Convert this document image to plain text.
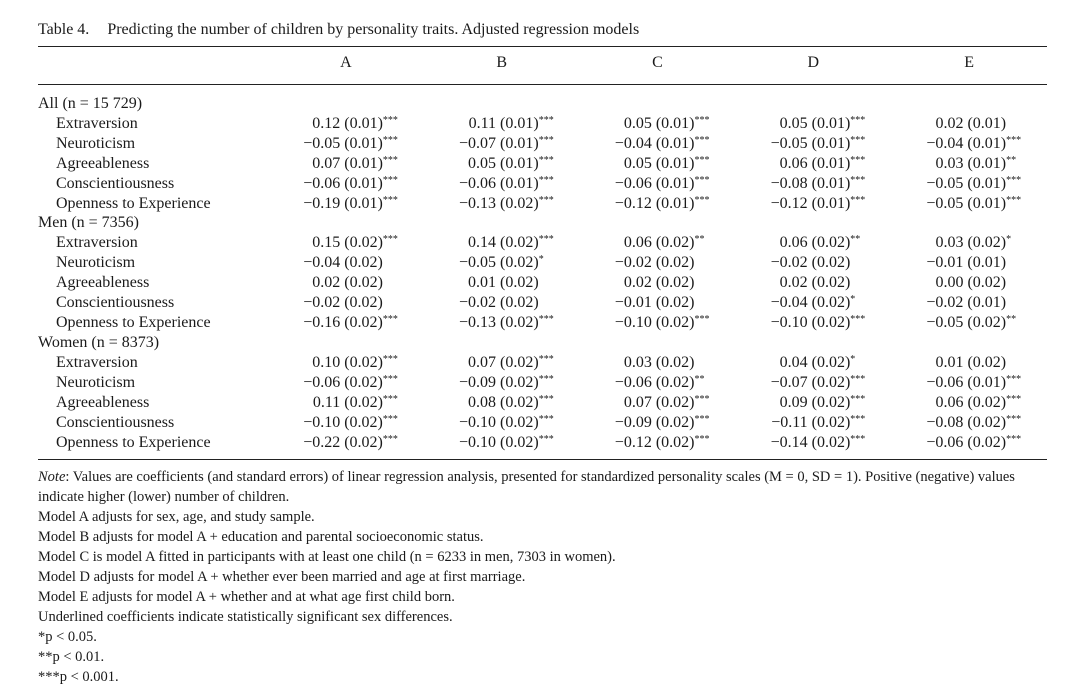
Table 4. Predicting the number of children by personality traits. Adjusted regression models
	A	B	C	D	E

All (n = 15 729)					
Extraversion	0.12 (0.01)***	0.11 (0.01)***	0.05 (0.01)***	0.05 (0.01)***	0.02 (0.01)
Neuroticism	−0.05 (0.01)***	−0.07 (0.01)***	−0.04 (0.01)***	−0.05 (0.01)***	−0.04 (0.01)***
Agreeableness	0.07 (0.01)***	0.05 (0.01)***	0.05 (0.01)***	0.06 (0.01)***	0.03 (0.01)**
Conscientiousness	−0.06 (0.01)***	−0.06 (0.01)***	−0.06 (0.01)***	−0.08 (0.01)***	−0.05 (0.01)***
Openness to Experience	−0.19 (0.01)***	−0.13 (0.02)***	−0.12 (0.01)***	−0.12 (0.01)***	−0.05 (0.01)***
Men (n = 7356)					
Extraversion	0.15 (0.02)***	0.14 (0.02)***	0.06 (0.02)**	0.06 (0.02)**	0.03 (0.02)*
Neuroticism	−0.04 (0.02)	−0.05 (0.02)*	−0.02 (0.02)	−0.02 (0.02)	−0.01 (0.01)
Agreeableness	0.02 (0.02)	0.01 (0.02)	0.02 (0.02)	0.02 (0.02)	0.00 (0.02)
Conscientiousness	−0.02 (0.02)	−0.02 (0.02)	−0.01 (0.02)	−0.04 (0.02)*	−0.02 (0.01)
Openness to Experience	−0.16 (0.02)***	−0.13 (0.02)***	−0.10 (0.02)***	−0.10 (0.02)***	−0.05 (0.02)**
Women (n = 8373)					
Extraversion	0.10 (0.02)***	0.07 (0.02)***	0.03 (0.02)	0.04 (0.02)*	0.01 (0.02)
Neuroticism	−0.06 (0.02)***	−0.09 (0.02)***	−0.06 (0.02)**	−0.07 (0.02)***	−0.06 (0.01)***
Agreeableness	0.11 (0.02)***	0.08 (0.02)***	0.07 (0.02)***	0.09 (0.02)***	0.06 (0.02)***
Conscientiousness	−0.10 (0.02)***	−0.10 (0.02)***	−0.09 (0.02)***	−0.11 (0.02)***	−0.08 (0.02)***
Openness to Experience	−0.22 (0.02)***	−0.10 (0.02)***	−0.12 (0.02)***	−0.14 (0.02)***	−0.06 (0.02)***

Note: Values are coefficients (and standard errors) of linear regression analysis, presented for standardized personality scales (M = 0, SD = 1). Positive (negative) values indicate higher (lower) number of children.

Model A adjusts for sex, age, and study sample.

Model B adjusts for model A + education and parental socioeconomic status.

Model C is model A fitted in participants with at least one child (n = 6233 in men, 7303 in women).

Model D adjusts for model A + whether ever been married and age at first marriage.

Model E adjusts for model A + whether and at what age first child born.

Underlined coefficients indicate statistically significant sex differences.

*p < 0.05.

**p < 0.01.

***p < 0.001.
